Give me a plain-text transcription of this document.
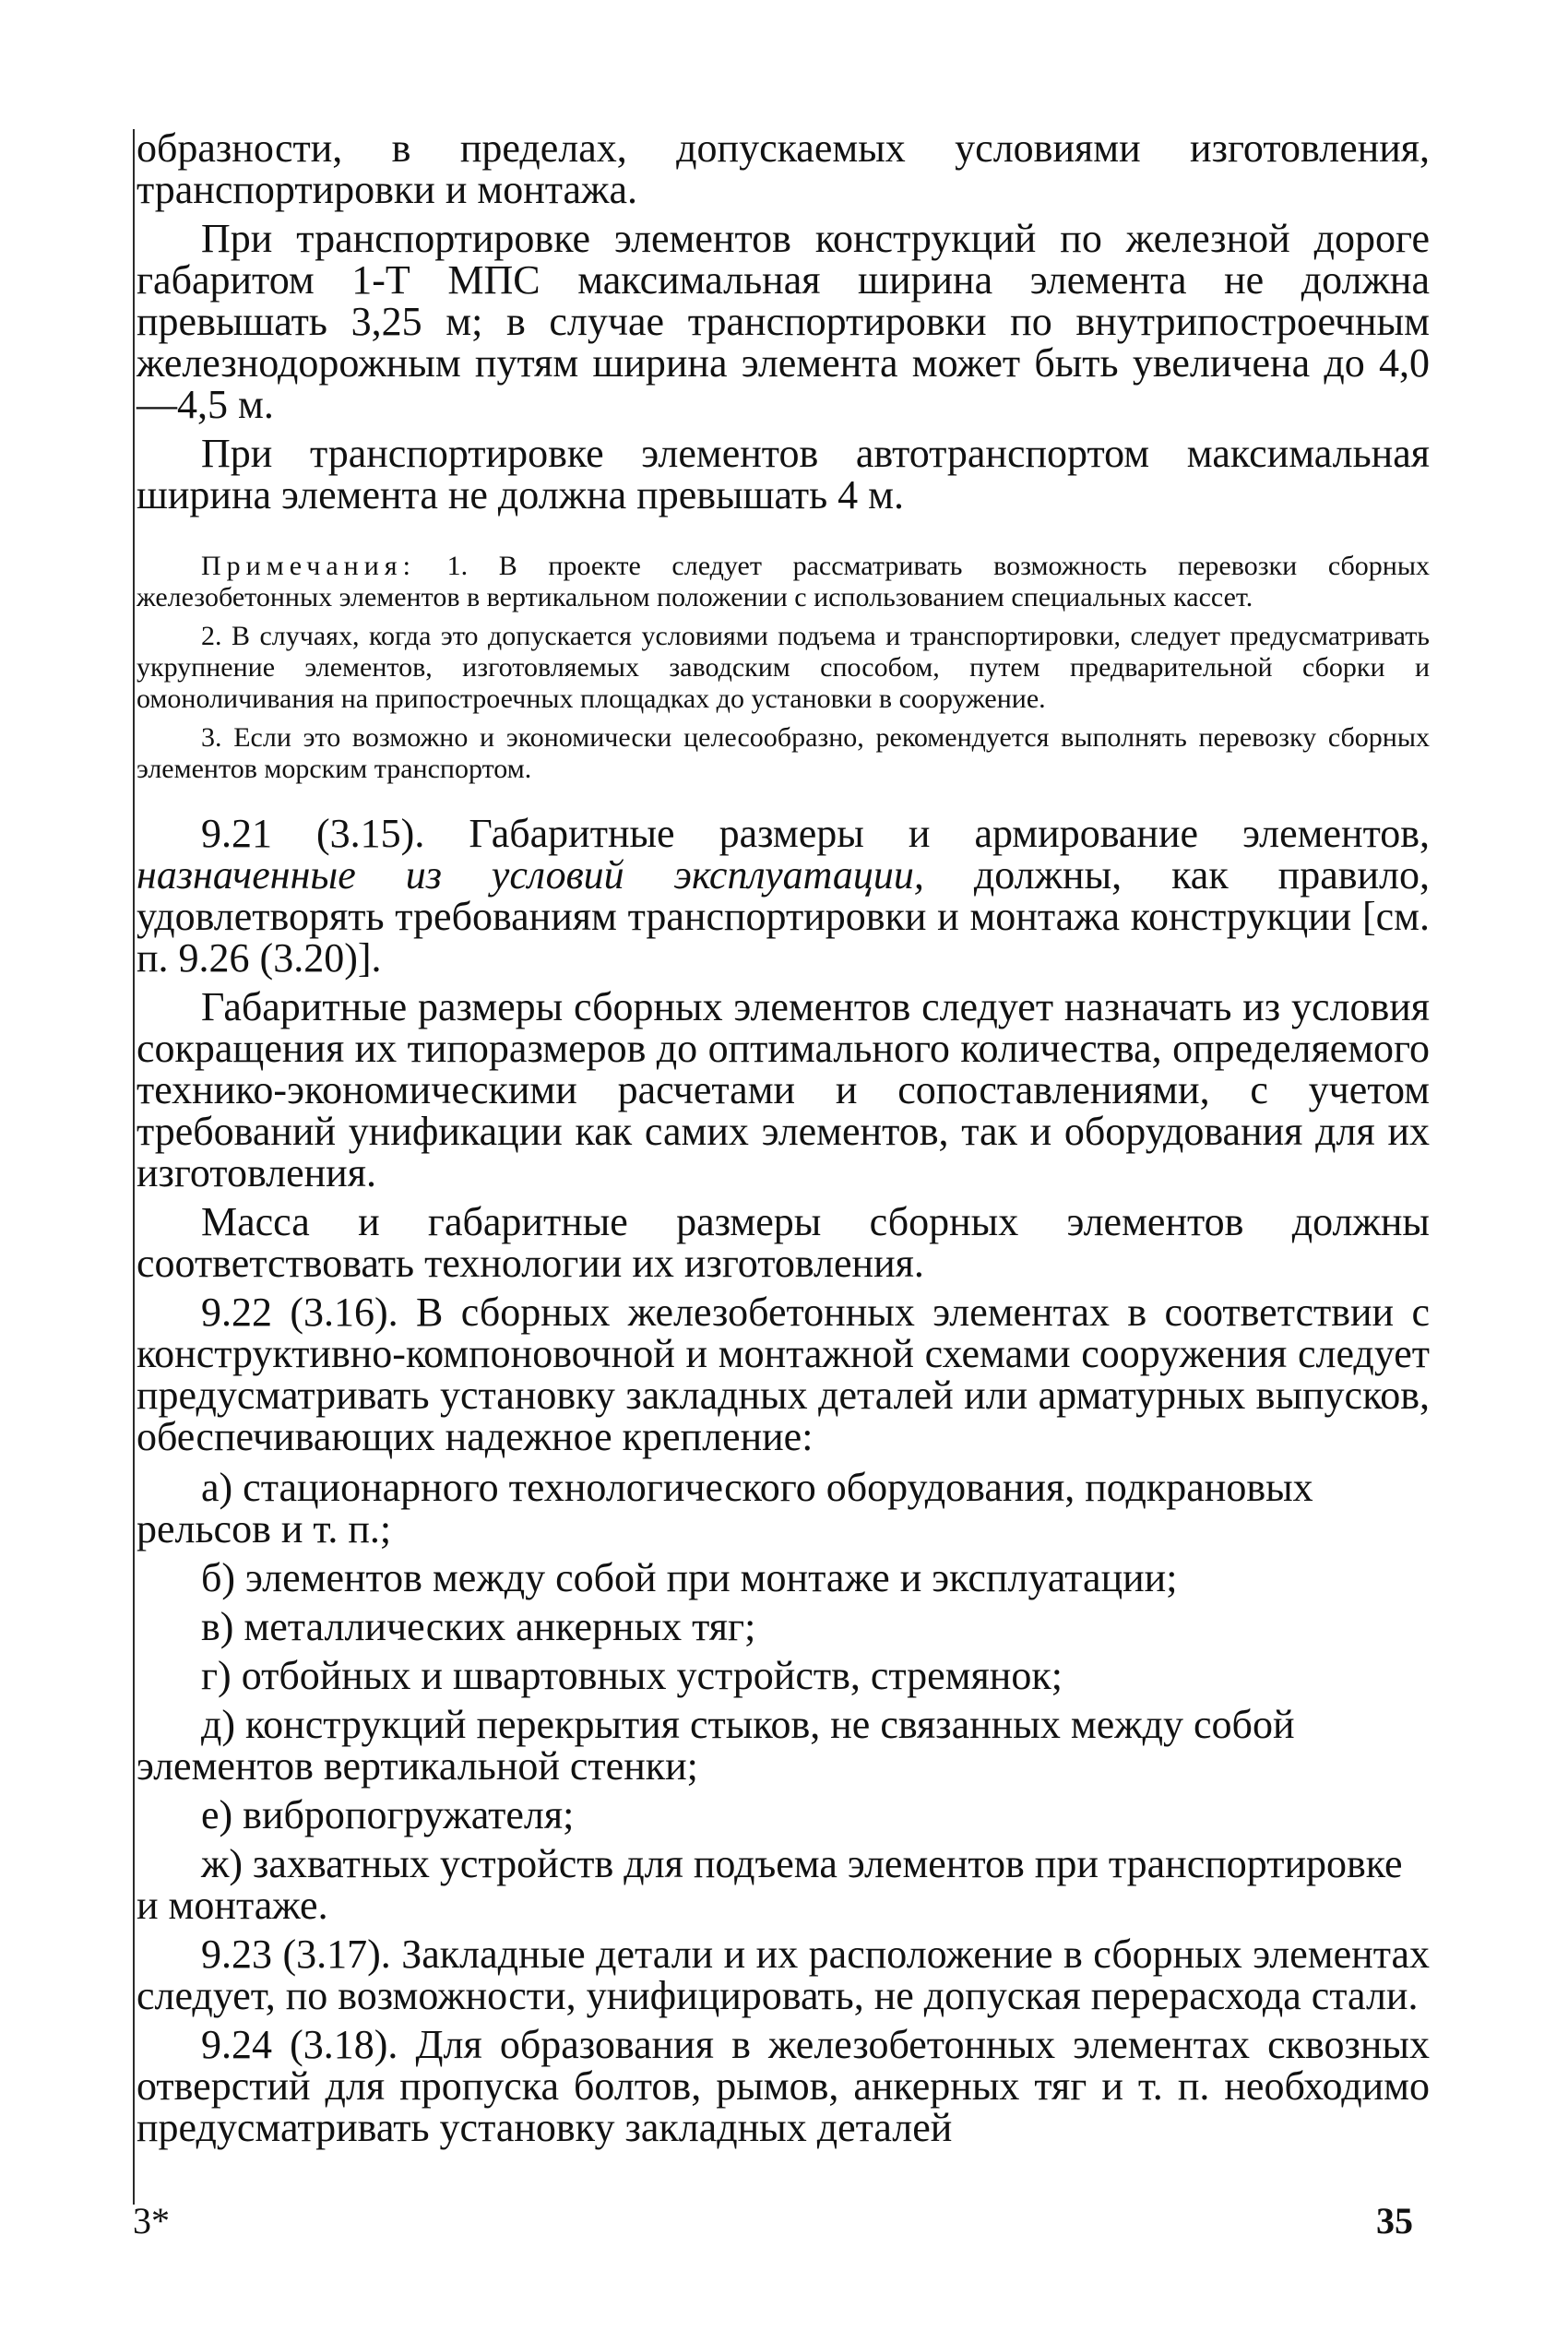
образности, в пределах, допускаемых условиями изготовления, транспортировки и монтажа.

При транспортировке элементов конструкций по железной дороге габаритом 1-Т МПС максимальная ширина элемента не должна превышать 3,25 м; в случае транспортировки по внутрипостроечным железнодорожным путям ширина элемента может быть увеличена до 4,0—4,5 м.

При транспортировке элементов автотранспортом максимальная ширина элемента не должна превышать 4 м.

Примечания: 1. В проекте следует рассматривать возможность перевозки сборных железобетонных элементов в вертикальном положении с использованием специальных кассет.

2. В случаях, когда это допускается условиями подъема и транспортировки, следует предусматривать укрупнение элементов, изготовляемых заводским способом, путем предварительной сборки и омоноличивания на припостроечных площадках до установки в сооружение.

3. Если это возможно и экономически целесообразно, рекомендуется выполнять перевозку сборных элементов морским транспортом.

9.21 (3.15). Габаритные размеры и армирование элементов, назначенные из условий эксплуатации, должны, как правило, удовлетворять требованиям транспортировки и монтажа конструкции [см. п. 9.26 (3.20)].

Габаритные размеры сборных элементов следует назначать из условия сокращения их типоразмеров до оптимального количества, определяемого технико-экономическими расчетами и сопоставлениями, с учетом требований унификации как самих элементов, так и оборудования для их изготовления.

Масса и габаритные размеры сборных элементов должны соответствовать технологии их изготовления.

9.22 (3.16). В сборных железобетонных элементах в соответствии с конструктивно-компоновочной и монтажной схемами сооружения следует предусматривать установку закладных деталей или арматурных выпусков, обеспечивающих надежное крепление:

а) стационарного технологического оборудования, подкрановых рельсов и т. п.;
б) элементов между собой при монтаже и эксплуатации;
в) металлических анкерных тяг;
г) отбойных и швартовных устройств, стремянок;
д) конструкций перекрытия стыков, не связанных между собой элементов вертикальной стенки;
е) вибропогружателя;
ж) захватных устройств для подъема элементов при транспортировке и монтаже.

9.23 (3.17). Закладные детали и их расположение в сборных элементах следует, по возможности, унифицировать, не допуская перерасхода стали.

9.24 (3.18). Для образования в железобетонных элементах сквозных отверстий для пропуска болтов, рымов, анкерных тяг и т. п. необходимо предусматривать установку закладных деталей

3*	35
